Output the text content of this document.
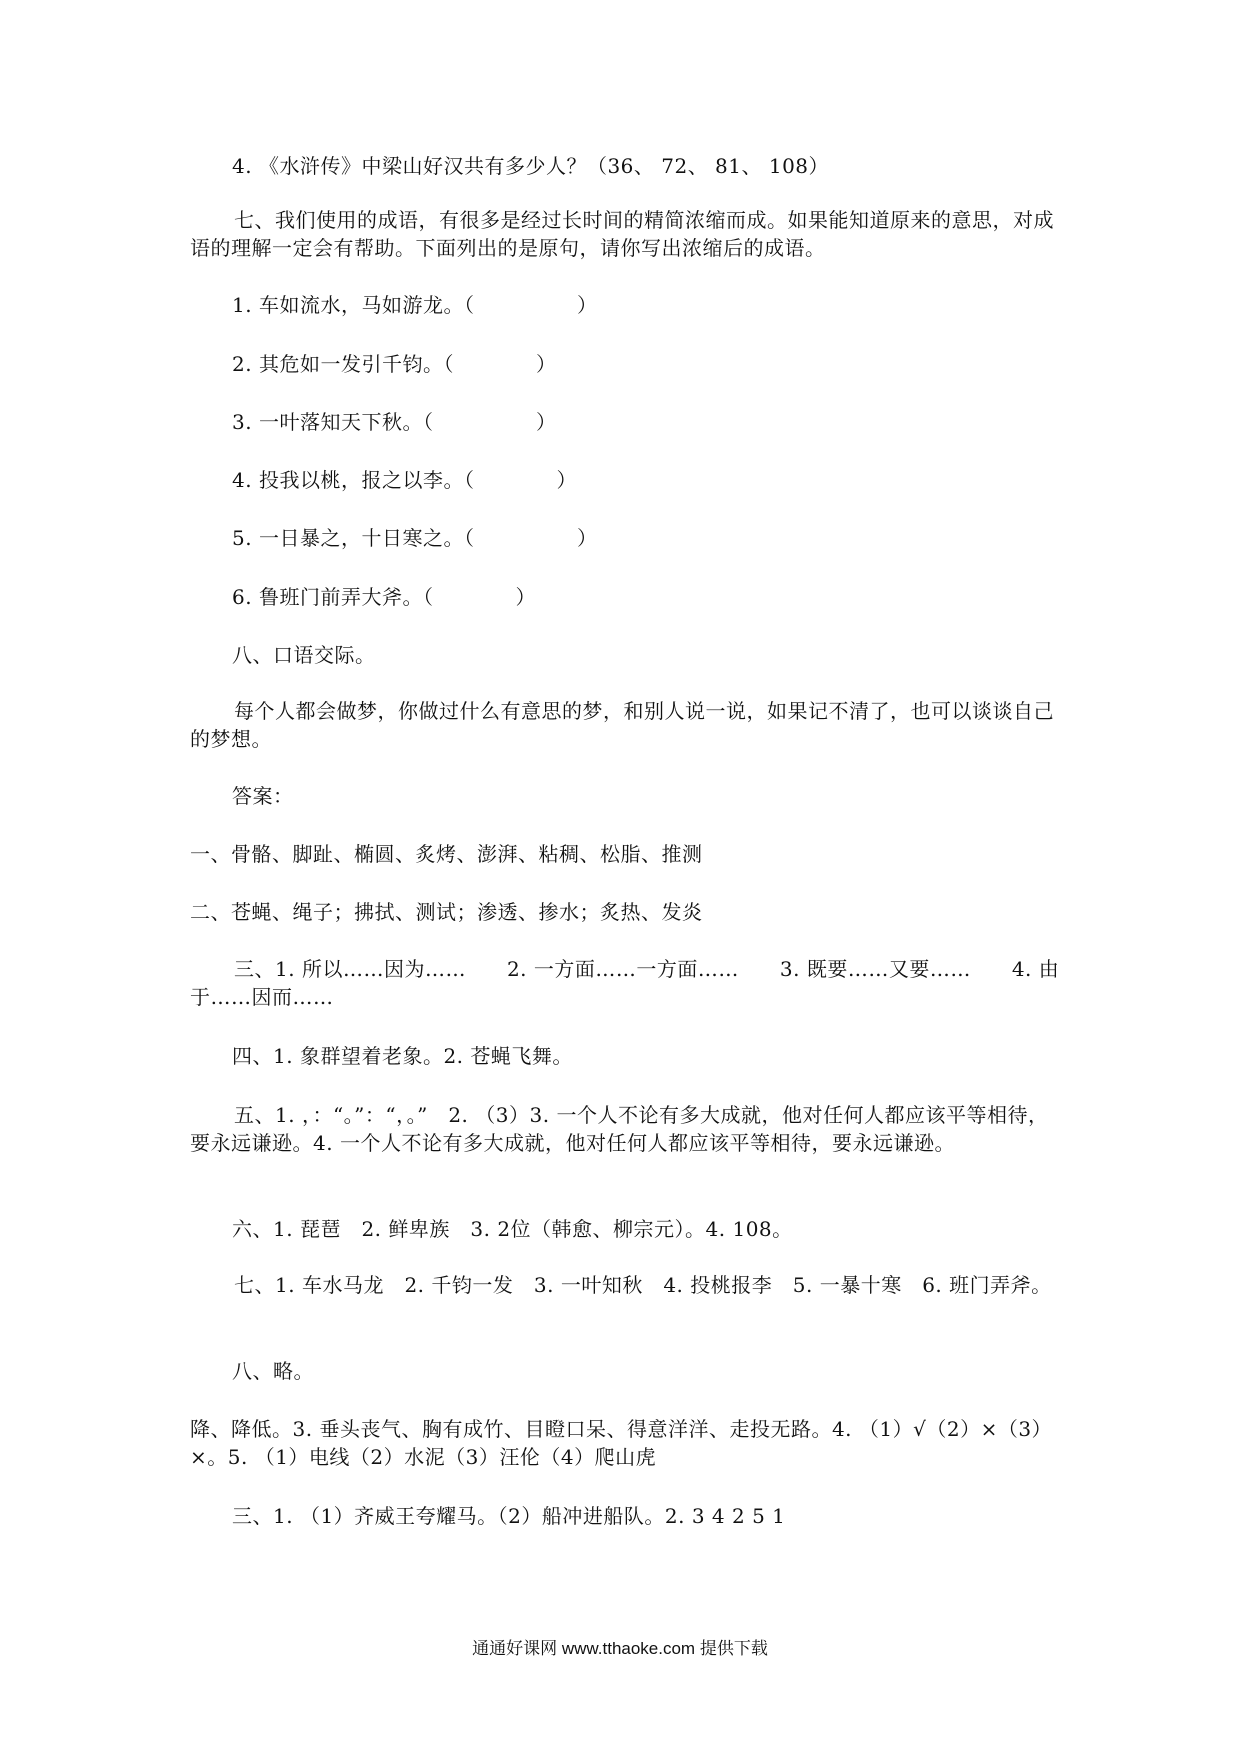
4. 《水浒传》中梁山好汉共有多少人？（36、 72、 81、 108）
七、我们使用的成语，有很多是经过长时间的精简浓缩而成。如果能知道原来的意思，对成语的理解一定会有帮助。下面列出的是原句，请你写出浓缩后的成语。
1. 车如流水，马如游龙。（　　　　　）
2. 其危如一发引千钧。（　　　　）
3. 一叶落知天下秋。（　　　　　）
4. 投我以桃，报之以李。（　　　　）
5. 一日暴之，十日寒之。（　　　　　）
6. 鲁班门前弄大斧。（　　　　）
八、口语交际。
每个人都会做梦，你做过什么有意思的梦，和别人说一说，如果记不清了，也可以谈谈自己的梦想。
答案：
一、骨骼、脚趾、椭圆、炙烤、澎湃、粘稠、松脂、推测
二、苍蝇、绳子；拂拭、测试；渗透、掺水；炙热、发炎
三、1. 所以……因为……　　2. 一方面……一方面……　　3. 既要……又要……　　4. 由于……因而……
四、1. 象群望着老象。2. 苍蝇飞舞。
五、1. ，：“。”：“，。”　2. （3）3. 一个人不论有多大成就，他对任何人都应该平等相待，要永远谦逊。4. 一个人不论有多大成就，他对任何人都应该平等相待，要永远谦逊。
六、1. 琵琶　2. 鲜卑族　3. 2位（韩愈、柳宗元）。4. 108。
七、1. 车水马龙　2. 千钧一发　3. 一叶知秋　4. 投桃报李　5. 一暴十寒　6. 班门弄斧。
八、略。
降、降低。3. 垂头丧气、胸有成竹、目瞪口呆、得意洋洋、走投无路。4. （1）√（2）×（3）×。5. （1）电线（2）水泥（3）汪伦（4）爬山虎
三、1. （1）齐威王夸耀马。（2）船冲进船队。2. 3 4 2 5 1
通通好课网 www.tthaoke.com 提供下载
